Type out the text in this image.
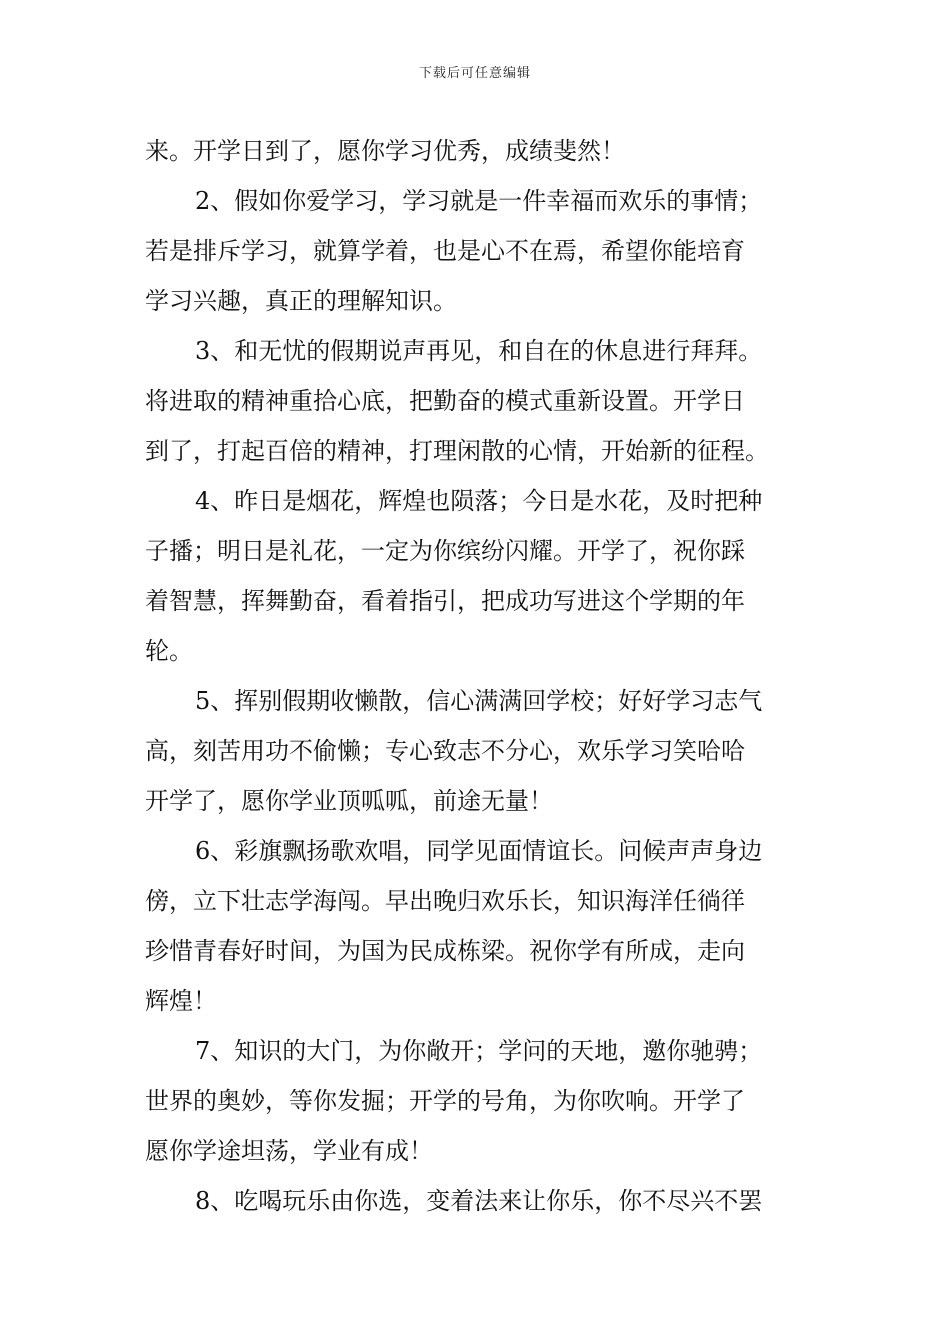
下载后可任意编辑
来。开学日到了，愿你学习优秀，成绩斐然！
2、假如你爱学习，学习就是一件幸福而欢乐的事情；
若是排斥学习，就算学着，也是心不在焉，希望你能培育
学习兴趣，真正的理解知识。
3、和无忧的假期说声再见，和自在的休息进行拜拜。
将进取的精神重拾心底，把勤奋的模式重新设置。开学日
到了，打起百倍的精神，打理闲散的心情，开始新的征程。
4、昨日是烟花，辉煌也陨落；今日是水花，及时把种
子播；明日是礼花，一定为你缤纷闪耀。开学了，祝你踩
着智慧，挥舞勤奋，看着指引，把成功写进这个学期的年
轮。
5、挥别假期收懒散，信心满满回学校；好好学习志气
高，刻苦用功不偷懒；专心致志不分心，欢乐学习笑哈哈
开学了，愿你学业顶呱呱，前途无量！
6、彩旗飘扬歌欢唱，同学见面情谊长。问候声声身边
傍，立下壮志学海闯。早出晚归欢乐长，知识海洋任徜徉
珍惜青春好时间，为国为民成栋梁。祝你学有所成，走向
辉煌！
7、知识的大门，为你敞开；学问的天地，邀你驰骋；
世界的奥妙，等你发掘；开学的号角，为你吹响。开学了
愿你学途坦荡，学业有成！
8、吃喝玩乐由你选，变着法来让你乐，你不尽兴不罢
